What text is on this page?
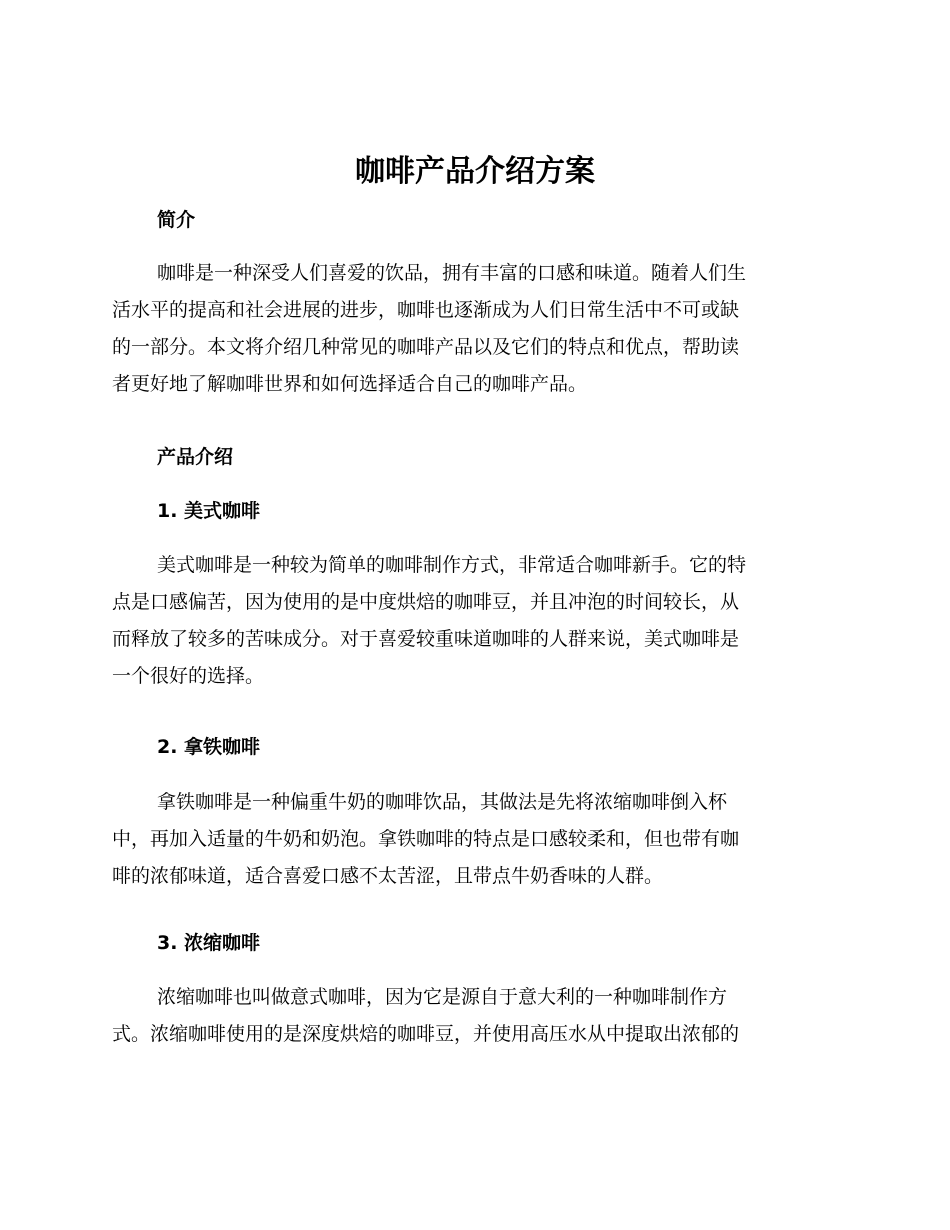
咖啡产品介绍方案
简介
咖啡是一种深受人们喜爱的饮品，拥有丰富的口感和味道。随着人们生
活水平的提高和社会进展的进步，咖啡也逐渐成为人们日常生活中不可或缺
的一部分。本文将介绍几种常见的咖啡产品以及它们的特点和优点，帮助读
者更好地了解咖啡世界和如何选择适合自己的咖啡产品。
产品介绍
1. 美式咖啡
美式咖啡是一种较为简单的咖啡制作方式，非常适合咖啡新手。它的特
点是口感偏苦，因为使用的是中度烘焙的咖啡豆，并且冲泡的时间较长，从
而释放了较多的苦味成分。对于喜爱较重味道咖啡的人群来说，美式咖啡是
一个很好的选择。
2. 拿铁咖啡
拿铁咖啡是一种偏重牛奶的咖啡饮品，其做法是先将浓缩咖啡倒入杯
中，再加入适量的牛奶和奶泡。拿铁咖啡的特点是口感较柔和，但也带有咖
啡的浓郁味道，适合喜爱口感不太苦涩，且带点牛奶香味的人群。
3. 浓缩咖啡
浓缩咖啡也叫做意式咖啡，因为它是源自于意大利的一种咖啡制作方
式。浓缩咖啡使用的是深度烘焙的咖啡豆，并使用高压水从中提取出浓郁的
